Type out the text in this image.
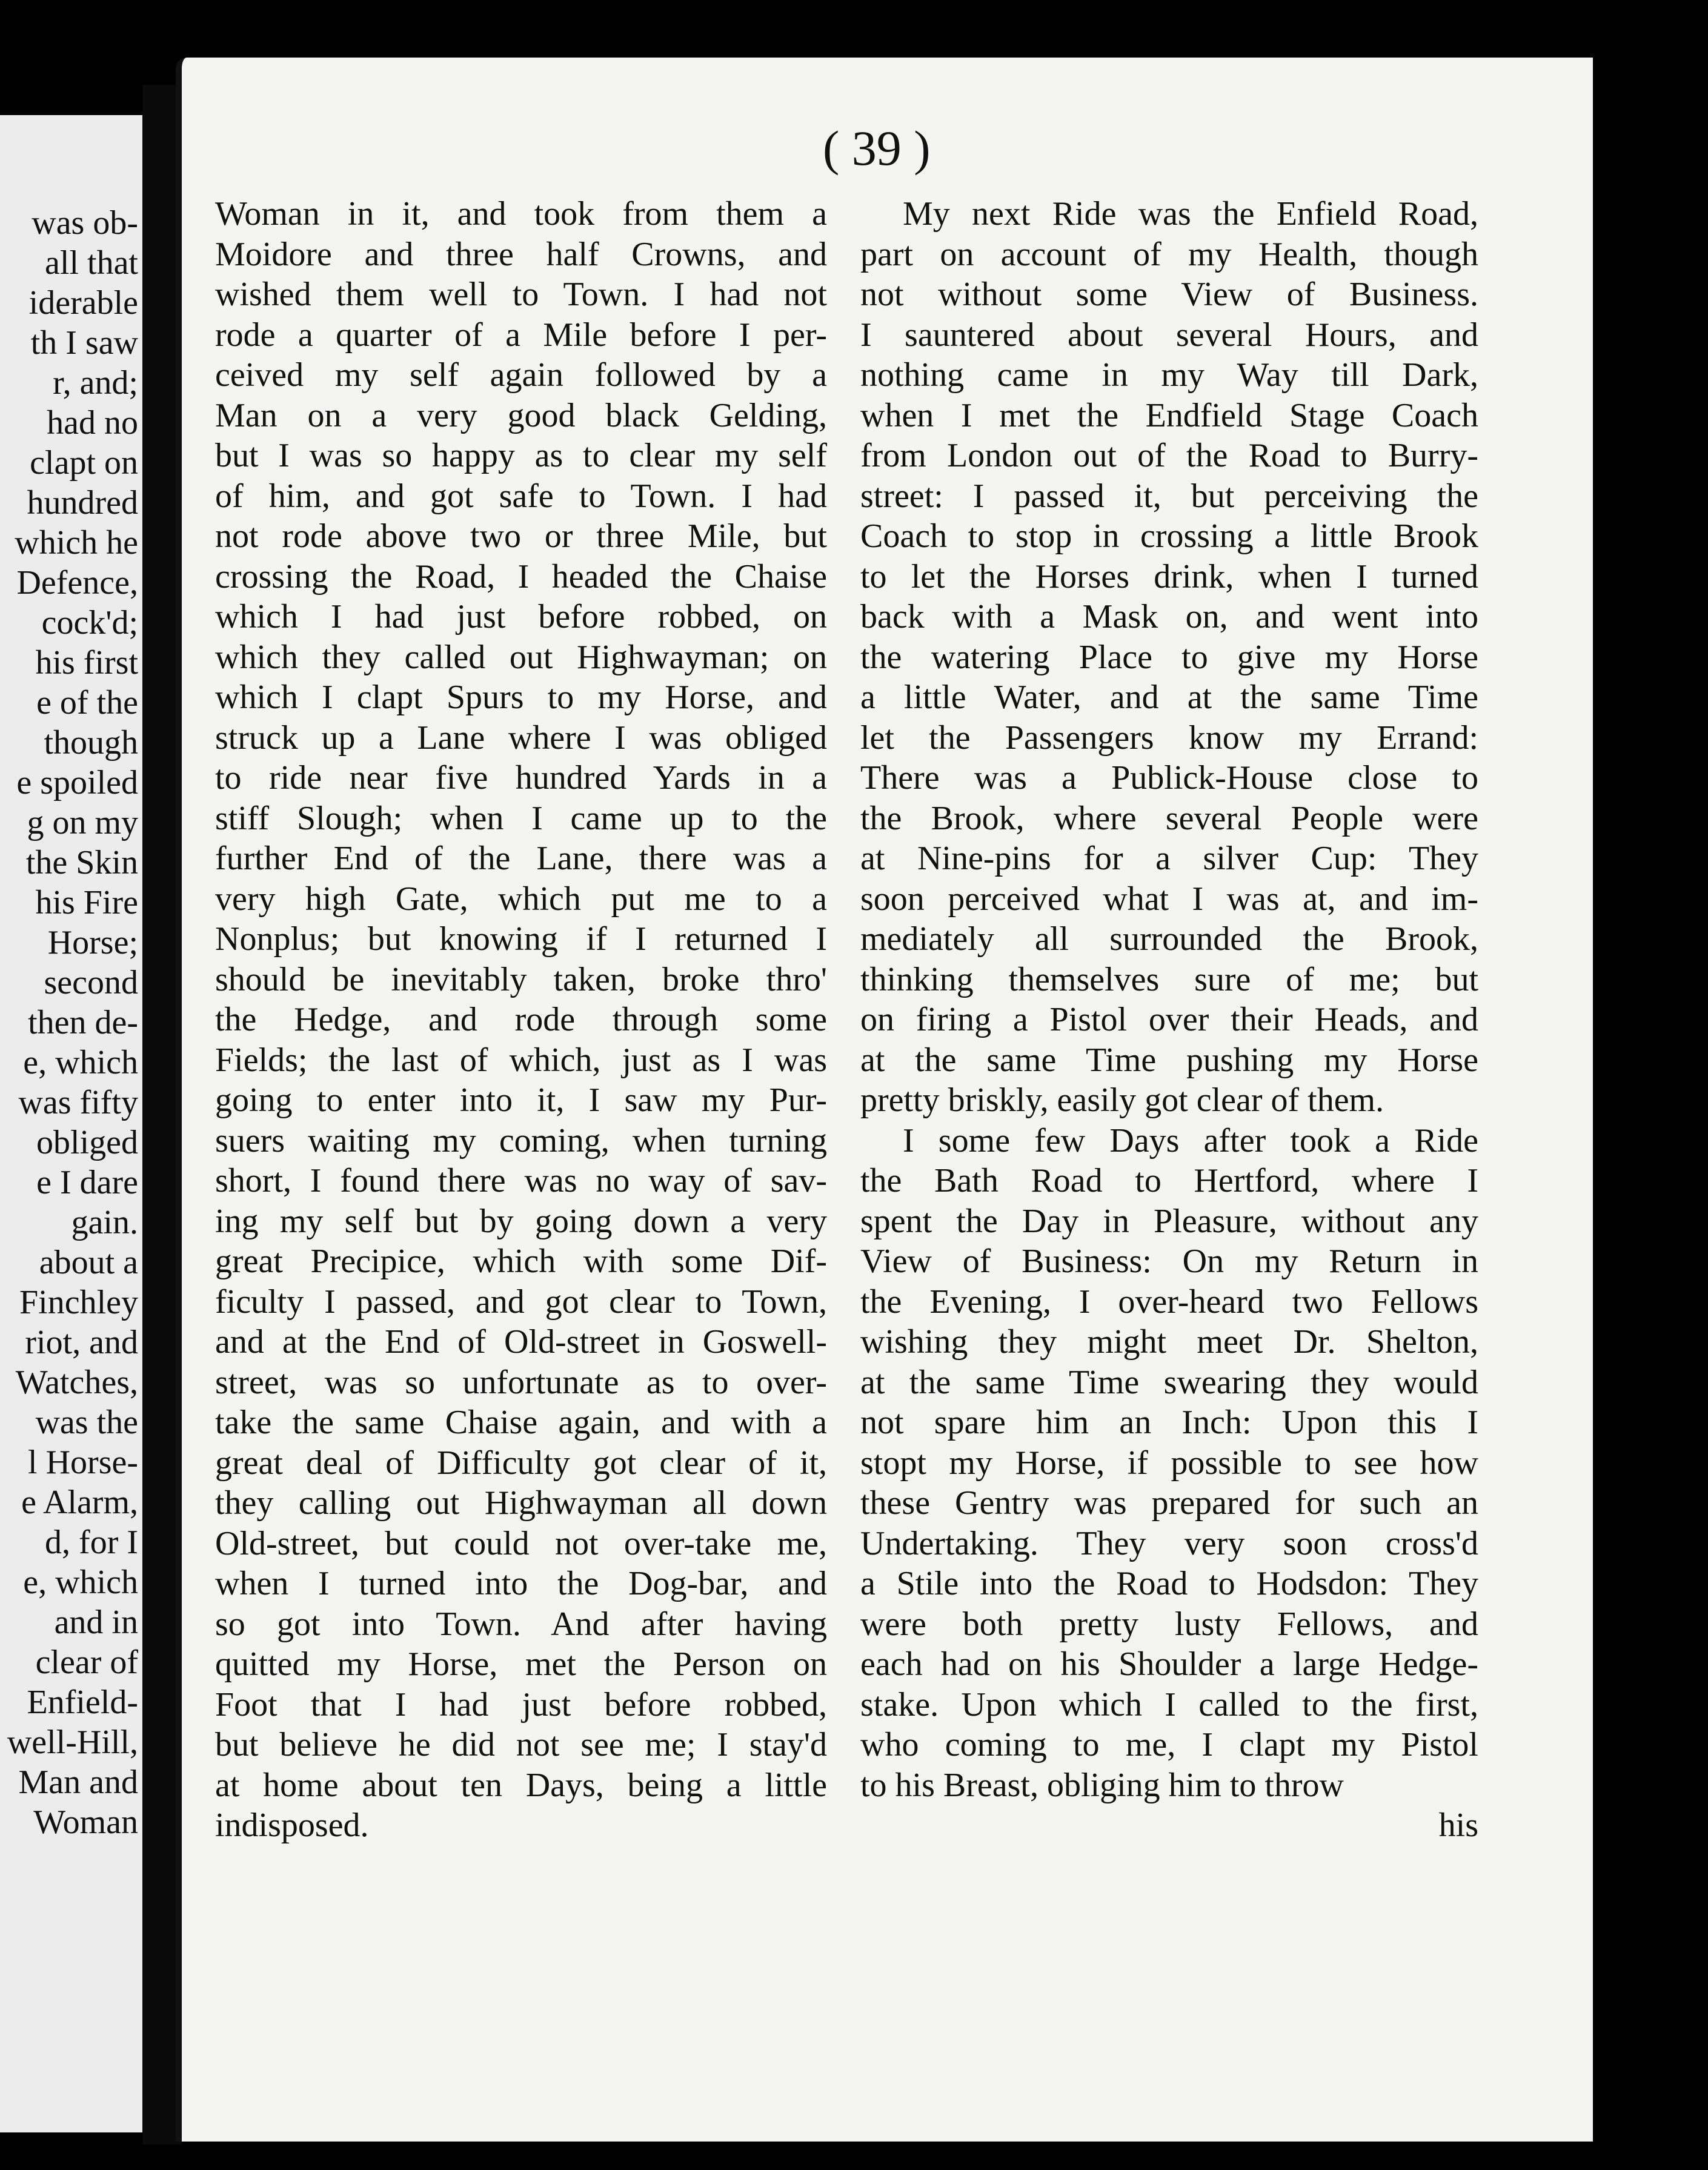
was ob-
all that
iderable
th I saw
r, and;
had no
clapt on
hundred
which he
Defence,
cock'd;
his first
e of the
though
e spoiled
g on my
the Skin
his Fire
Horse;
second
then de-
e, which
was fifty
obliged
e I dare
gain.
about a
Finchley
riot, and
Watches,
was the
l Horse-
e Alarm,
d, for I
e, which
and in
clear of
Enfield-
well-Hill,
Man and
Woman
( 39 )
Woman in it, and took from them a
Moidore and three half Crowns, and
wished them well to Town. I had not
rode a quarter of a Mile before I per-
ceived my self again followed by a
Man on a very good black Gelding,
but I was so happy as to clear my self
of him, and got safe to Town. I had
not rode above two or three Mile, but
crossing the Road, I headed the Chaise
which I had just before robbed, on
which they called out Highwayman; on
which I clapt Spurs to my Horse, and
struck up a Lane where I was obliged
to ride near five hundred Yards in a
stiff Slough; when I came up to the
further End of the Lane, there was a
very high Gate, which put me to a
Nonplus; but knowing if I returned I
should be inevitably taken, broke thro'
the Hedge, and rode through some
Fields; the last of which, just as I was
going to enter into it, I saw my Pur-
suers waiting my coming, when turning
short, I found there was no way of sav-
ing my self but by going down a very
great Precipice, which with some Dif-
ficulty I passed, and got clear to Town,
and at the End of Old-street in Goswell-
street, was so unfortunate as to over-
take the same Chaise again, and with a
great deal of Difficulty got clear of it,
they calling out Highwayman all down
Old-street, but could not over-take me,
when I turned into the Dog-bar, and
so got into Town. And after having
quitted my Horse, met the Person on
Foot that I had just before robbed,
but believe he did not see me; I stay'd
at home about ten Days, being a little
indisposed.
My next Ride was the Enfield Road,
part on account of my Health, though
not without some View of Business.
I sauntered about several Hours, and
nothing came in my Way till Dark,
when I met the Endfield Stage Coach
from London out of the Road to Burry-
street: I passed it, but perceiving the
Coach to stop in crossing a little Brook
to let the Horses drink, when I turned
back with a Mask on, and went into
the watering Place to give my Horse
a little Water, and at the same Time
let the Passengers know my Errand:
There was a Publick-House close to
the Brook, where several People were
at Nine-pins for a silver Cup: They
soon perceived what I was at, and im-
mediately all surrounded the Brook,
thinking themselves sure of me; but
on firing a Pistol over their Heads, and
at the same Time pushing my Horse
pretty briskly, easily got clear of them.
I some few Days after took a Ride
the Bath Road to Hertford, where I
spent the Day in Pleasure, without any
View of Business: On my Return in
the Evening, I over-heard two Fellows
wishing they might meet Dr. Shelton,
at the same Time swearing they would
not spare him an Inch: Upon this I
stopt my Horse, if possible to see how
these Gentry was prepared for such an
Undertaking. They very soon cross'd
a Stile into the Road to Hodsdon: They
were both pretty lusty Fellows, and
each had on his Shoulder a large Hedge-
stake. Upon which I called to the first,
who coming to me, I clapt my Pistol
to his Breast, obliging him to throw
his
